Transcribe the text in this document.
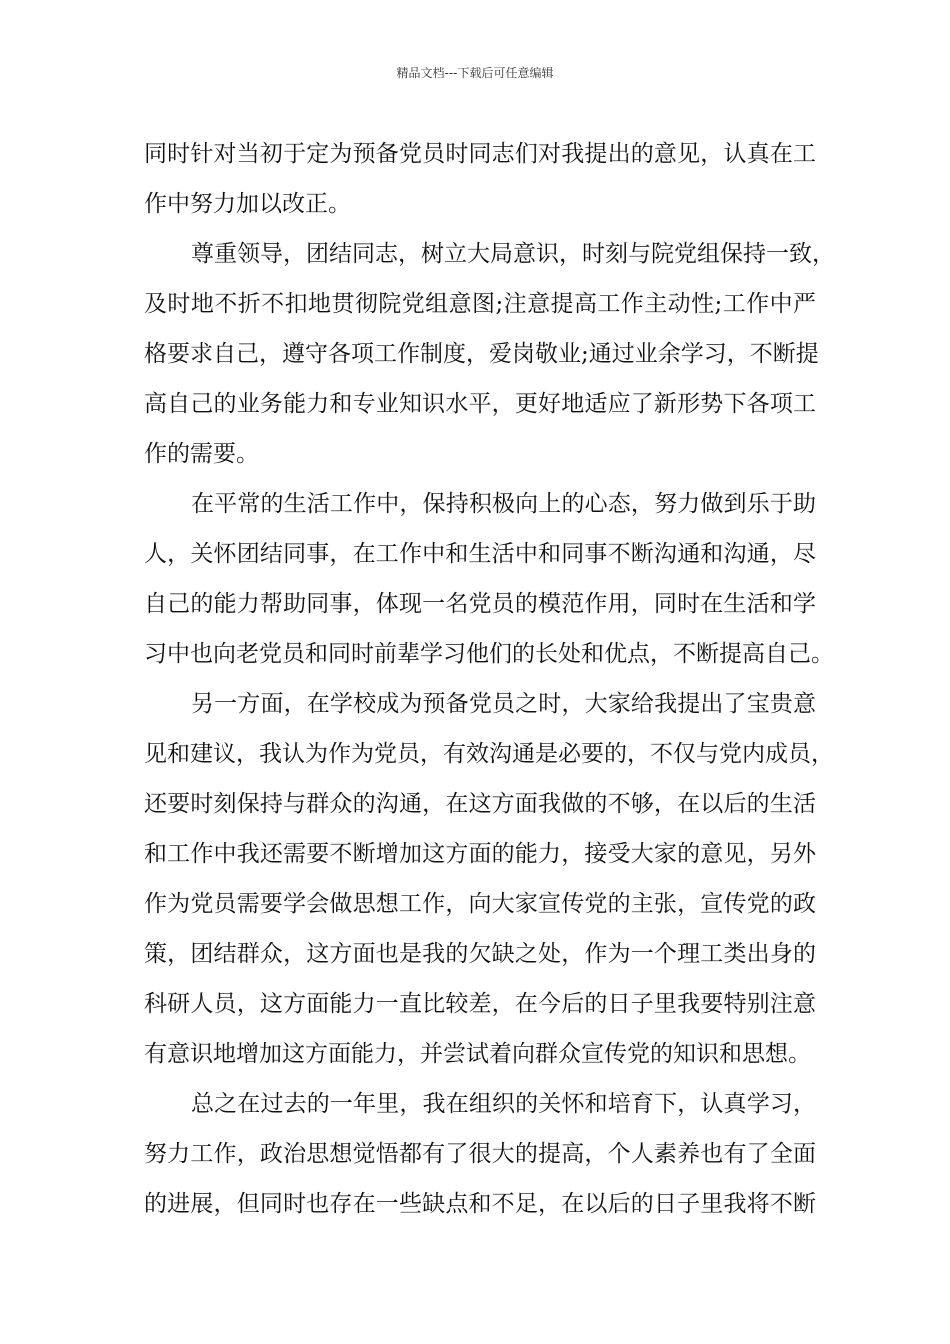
精品文档---下载后可任意编辑
同时针对当初于定为预备党员时同志们对我提出的意见，认真在工
作中努力加以改正。
尊重领导，团结同志，树立大局意识，时刻与院党组保持一致，
及时地不折不扣地贯彻院党组意图;注意提高工作主动性;工作中严
格要求自己，遵守各项工作制度，爱岗敬业;通过业余学习，不断提
高自己的业务能力和专业知识水平，更好地适应了新形势下各项工
作的需要。
在平常的生活工作中，保持积极向上的心态，努力做到乐于助
人，关怀团结同事，在工作中和生活中和同事不断沟通和沟通，尽
自己的能力帮助同事，体现一名党员的模范作用，同时在生活和学
习中也向老党员和同时前辈学习他们的长处和优点，不断提高自己。
另一方面，在学校成为预备党员之时，大家给我提出了宝贵意
见和建议，我认为作为党员，有效沟通是必要的，不仅与党内成员，
还要时刻保持与群众的沟通，在这方面我做的不够，在以后的生活
和工作中我还需要不断增加这方面的能力，接受大家的意见，另外
作为党员需要学会做思想工作，向大家宣传党的主张，宣传党的政
策，团结群众，这方面也是我的欠缺之处，作为一个理工类出身的
科研人员，这方面能力一直比较差，在今后的日子里我要特别注意
有意识地增加这方面能力，并尝试着向群众宣传党的知识和思想。
总之在过去的一年里，我在组织的关怀和培育下，认真学习，
努力工作，政治思想觉悟都有了很大的提高，个人素养也有了全面
的进展，但同时也存在一些缺点和不足，在以后的日子里我将不断
